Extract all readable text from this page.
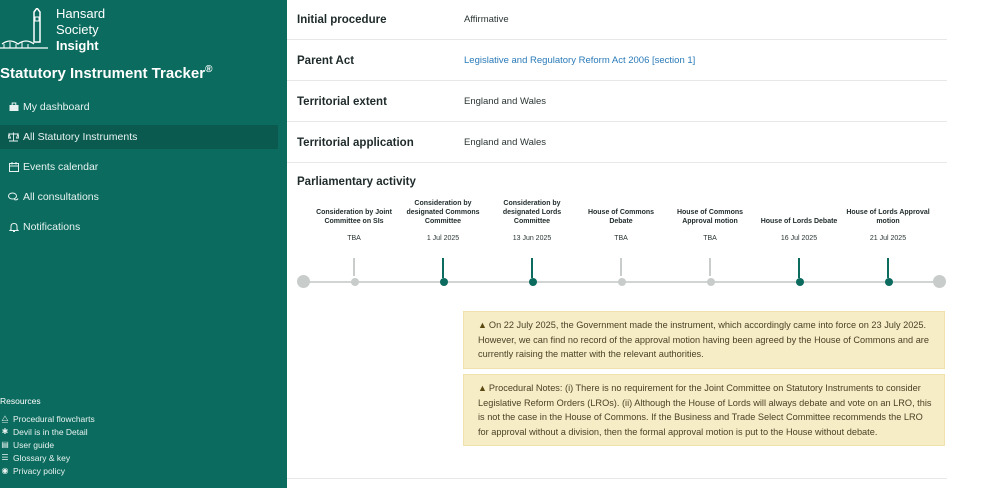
Hansard
Society
Insight
Statutory Instrument Tracker®
My dashboard
All Statutory Instruments
Events calendar
All consultations
Notifications
Resources
⧋ Procedural flowcharts
✱ Devil is in the Detail
▤ User guide
☰ Glossary & key
◉ Privacy policy
Initial procedure	Affirmative
Parent Act	Legislative and Regulatory Reform Act 2006 [section 1]
Territorial extent	England and Wales
Territorial application	England and Wales
Parliamentary activity
Consideration by Joint Committee on SIs
TBA
Consideration by designated Commons Committee
1 Jul 2025
Consideration by designated Lords Committee
13 Jun 2025
House of Commons Debate
TBA
House of Commons Approval motion
TBA
House of Lords Debate
16 Jul 2025
House of Lords Approval motion
21 Jul 2025
▲ On 22 July 2025, the Government made the instrument, which accordingly came into force on 23 July 2025. However, we can find no record of the approval motion having been agreed by the House of Commons and are currently raising the matter with the relevant authorities.
▲ Procedural Notes: (i) There is no requirement for the Joint Committee on Statutory Instruments to consider Legislative Reform Orders (LROs). (ii) Although the House of Lords will always debate and vote on an LRO, this is not the case in the House of Commons. If the Business and Trade Select Committee recommends the LRO for approval without a division, then the formal approval motion is put to the House without debate.
